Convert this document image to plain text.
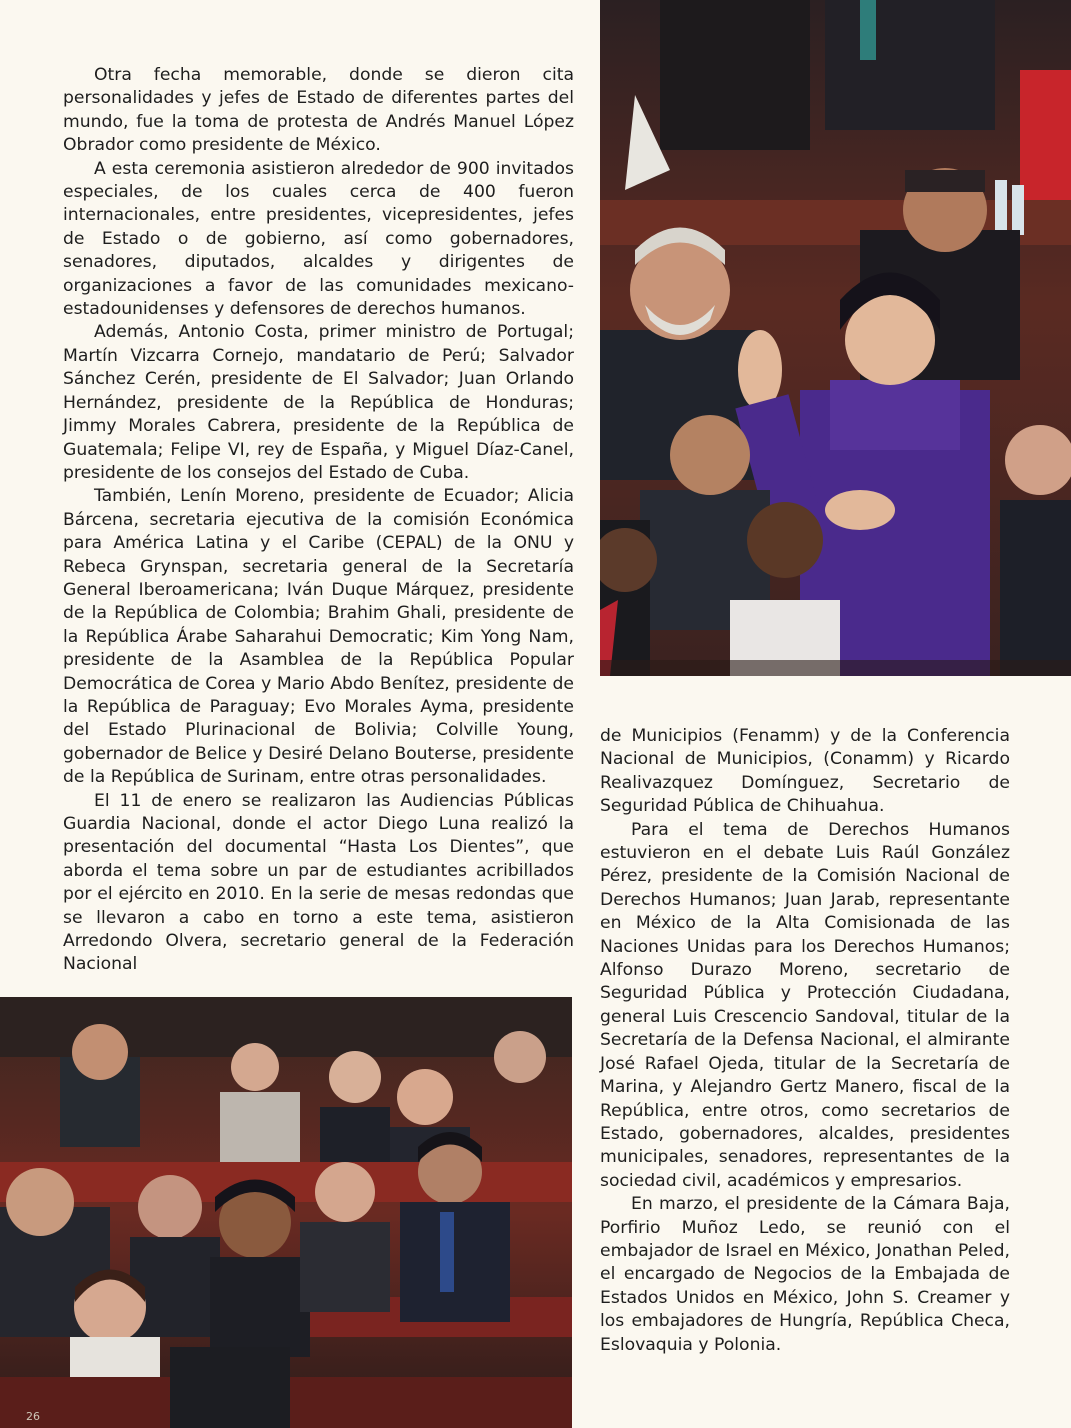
Otra fecha memorable, donde se dieron cita personalidades y jefes de Estado de diferentes partes del mundo, fue la toma de protesta de Andrés Manuel López Obrador como presidente de México.

A esta ceremonia asistieron alrededor de 900 invitados especiales, de los cuales cerca de 400 fueron internacionales, entre presidentes, vicepresidentes, jefes de Estado o de gobierno, así como gobernadores, senadores, diputados, alcaldes y dirigentes de organizaciones a favor de las comunidades mexicano-estadounidenses y defensores de derechos humanos.

Además, Antonio Costa, primer ministro de Portugal; Martín Vizcarra Cornejo, mandatario de Perú; Salvador Sánchez Cerén, presidente de El Salvador; Juan Orlando Hernández, presidente de la República de Honduras; Jimmy Morales Cabrera, presidente de la República de Guatemala; Felipe VI, rey de España, y Miguel Díaz-Canel, presidente de los consejos del Estado de Cuba.

También, Lenín Moreno, presidente de Ecuador; Alicia Bárcena, secretaria ejecutiva de la comisión Económica para América Latina y el Caribe (CEPAL) de la ONU y Rebeca Grynspan, secretaria general de la Secretaría General Iberoamericana; Iván Duque Márquez, presidente de la República de Colombia; Brahim Ghali, presidente de la República Árabe Saharahui Democratic; Kim Yong Nam, presidente de la Asamblea de la República Popular Democrática de Corea y Mario Abdo Benítez, presidente de la República de Paraguay; Evo Morales Ayma, presidente del Estado Plurinacional de Bolivia; Colville Young, gobernador de Belice y Desiré Delano Bouterse, presidente de la República de Surinam, entre otras personalidades.

El 11 de enero se realizaron las Audiencias Públicas Guardia Nacional, donde el actor Diego Luna realizó la presentación del documental “Hasta Los Dientes”, que aborda el tema sobre un par de estudiantes acribillados por el ejército en 2010. En la serie de mesas redondas que se llevaron a cabo en torno a este tema, asistieron Arredondo Olvera, secretario general de la Federación Nacional

de Municipios (Fenamm) y de la Conferencia Nacional de Municipios, (Conamm) y Ricardo Realivazquez Domínguez, Secretario de Seguridad Pública de Chihuahua.

Para el tema de Derechos Humanos estuvieron en el debate Luis Raúl González Pérez, presidente de la Comisión Nacional de Derechos Humanos; Juan Jarab, representante en México de la Alta Comisionada de las Naciones Unidas para los Derechos Humanos; Alfonso Durazo Moreno, secretario de Seguridad Pública y Protección Ciudadana, general Luis Crescencio Sandoval, titular de la Secretaría de la Defensa Nacional, el almirante José Rafael Ojeda, titular de la Secretaría de Marina, y Alejandro Gertz Manero, fiscal de la República, entre otros, como secretarios de Estado, gobernadores, alcaldes, presidentes municipales, senadores, representantes de la sociedad civil, académicos y empresarios.

En marzo, el presidente de la Cámara Baja, Porfirio Muñoz Ledo, se reunió con el embajador de Israel en México, Jonathan Peled, el encargado de Negocios de la Embajada de Estados Unidos en México, John S. Creamer y los embajadores de Hungría, República Checa, Eslovaquia y Polonia.

26
